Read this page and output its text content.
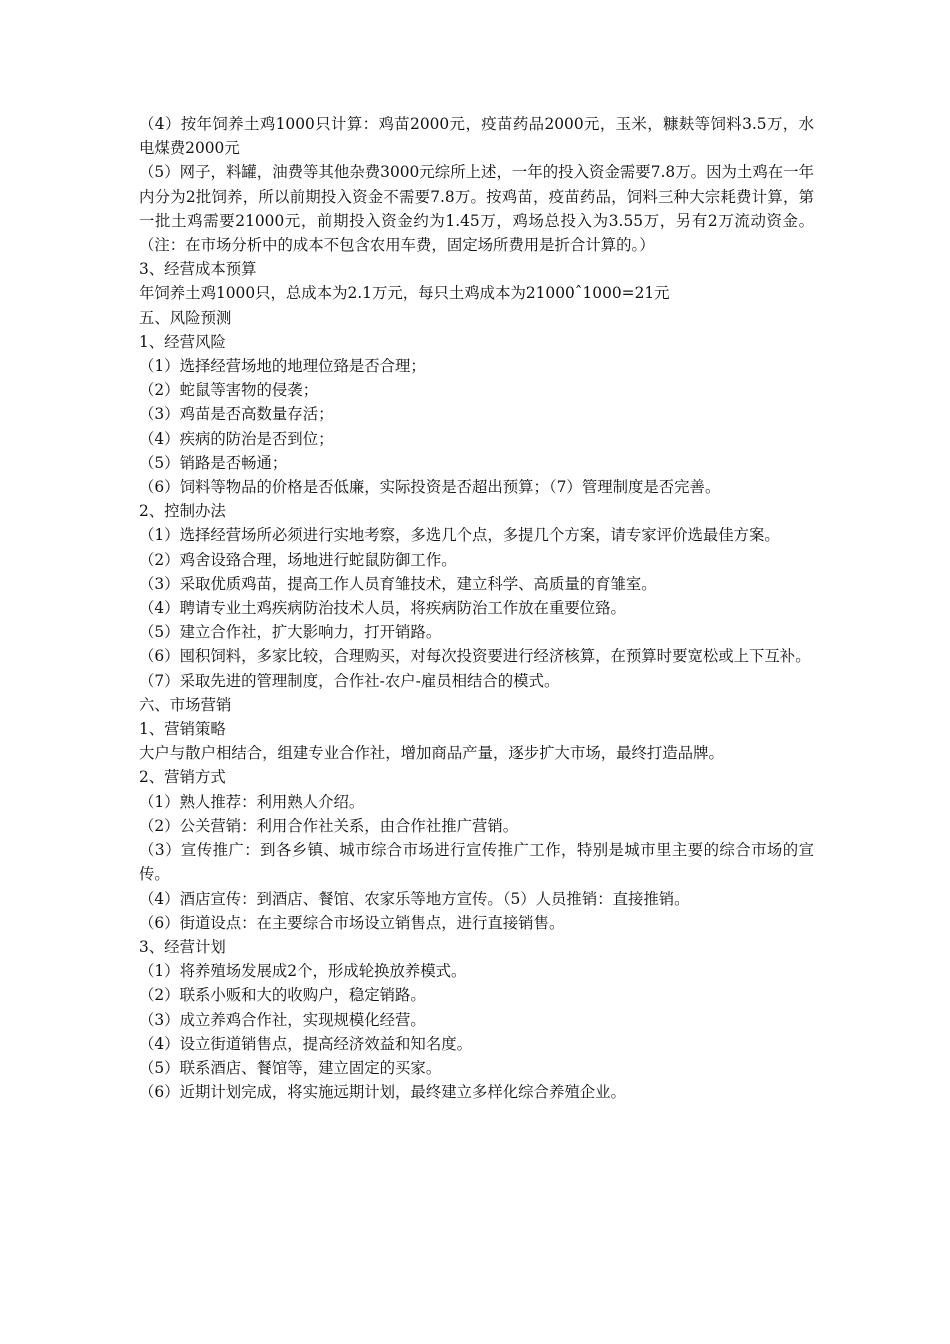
（4）按年饲养土鸡1000只计算：鸡苗2000元，疫苗药品2000元，玉米，糠麸等饲料3.5万，水电煤费2000元

（5）网子，料罐，油费等其他杂费3000元综所上述，一年的投入资金需要7.8万。因为土鸡在一年内分为2批饲养，所以前期投入资金不需要7.8万。按鸡苗，疫苗药品，饲料三种大宗耗费计算，第一批土鸡需要21000元，前期投入资金约为1.45万，鸡场总投入为3.55万，另有2万流动资金。（注：在市场分析中的成本不包含农用车费，固定场所费用是折合计算的。）

3、经营成本预算

年饲养土鸡1000只，总成本为2.1万元，每只土鸡成本为21000ˆ1000=21元

五、风险预测

1、经营风险

（1）选择经营场地的地理位臵是否合理；

（2）蛇鼠等害物的侵袭；

（3）鸡苗是否高数量存活；

（4）疾病的防治是否到位；

（5）销路是否畅通；

（6）饲料等物品的价格是否低廉，实际投资是否超出预算；（7）管理制度是否完善。

2、控制办法

（1）选择经营场所必须进行实地考察，多选几个点，多提几个方案，请专家评价选最佳方案。

（2）鸡舍设臵合理，场地进行蛇鼠防御工作。

（3）采取优质鸡苗，提高工作人员育雏技术，建立科学、高质量的育雏室。

（4）聘请专业土鸡疾病防治技术人员，将疾病防治工作放在重要位臵。

（5）建立合作社，扩大影响力，打开销路。

（6）囤积饲料，多家比较，合理购买，对每次投资要进行经济核算，在预算时要宽松或上下互补。

（7）采取先进的管理制度，合作社-农户-雇员相结合的模式。

六、市场营销

1、营销策略

大户与散户相结合，组建专业合作社，增加商品产量，逐步扩大市场，最终打造品牌。

2、营销方式

（1）熟人推荐：利用熟人介绍。

（2）公关营销：利用合作社关系，由合作社推广营销。

（3）宣传推广：到各乡镇、城市综合市场进行宣传推广工作，特别是城市里主要的综合市场的宣传。

（4）酒店宣传：到酒店、餐馆、农家乐等地方宣传。（5）人员推销：直接推销。

（6）街道设点：在主要综合市场设立销售点，进行直接销售。

3、经营计划

（1）将养殖场发展成2个，形成轮换放养模式。

（2）联系小贩和大的收购户，稳定销路。

（3）成立养鸡合作社，实现规模化经营。

（4）设立街道销售点，提高经济效益和知名度。

（5）联系酒店、餐馆等，建立固定的买家。

（6）近期计划完成，将实施远期计划，最终建立多样化综合养殖企业。
